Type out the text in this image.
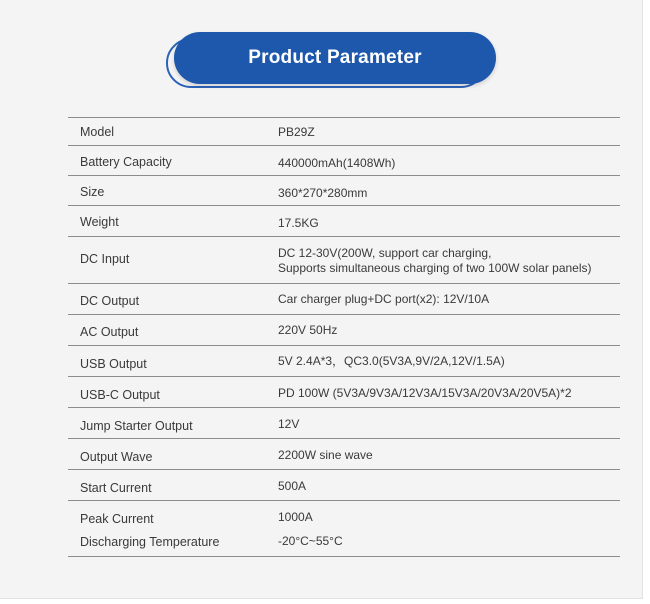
Product Parameter
Model	PB29Z
Battery Capacity	440000mAh(1408Wh)
Size	360*270*280mm
Weight	17.5KG
DC Input	DC 12-30V(200W, support car charging,
Supports simultaneous charging of two 100W solar panels)
DC Output	Car charger plug+DC port(x2): 12V/10A
AC Output	220V 50Hz
USB Output	5V 2.4A*3，QC3.0(5V3A,9V/2A,12V/1.5A)
USB-C Output	PD 100W (5V3A/9V3A/12V3A/15V3A/20V3A/20V5A)*2
Jump Starter Output	12V
Output Wave	2200W sine wave
Start Current	500A
Peak Current	1000A
Discharging Temperature	-20°C~55°C
